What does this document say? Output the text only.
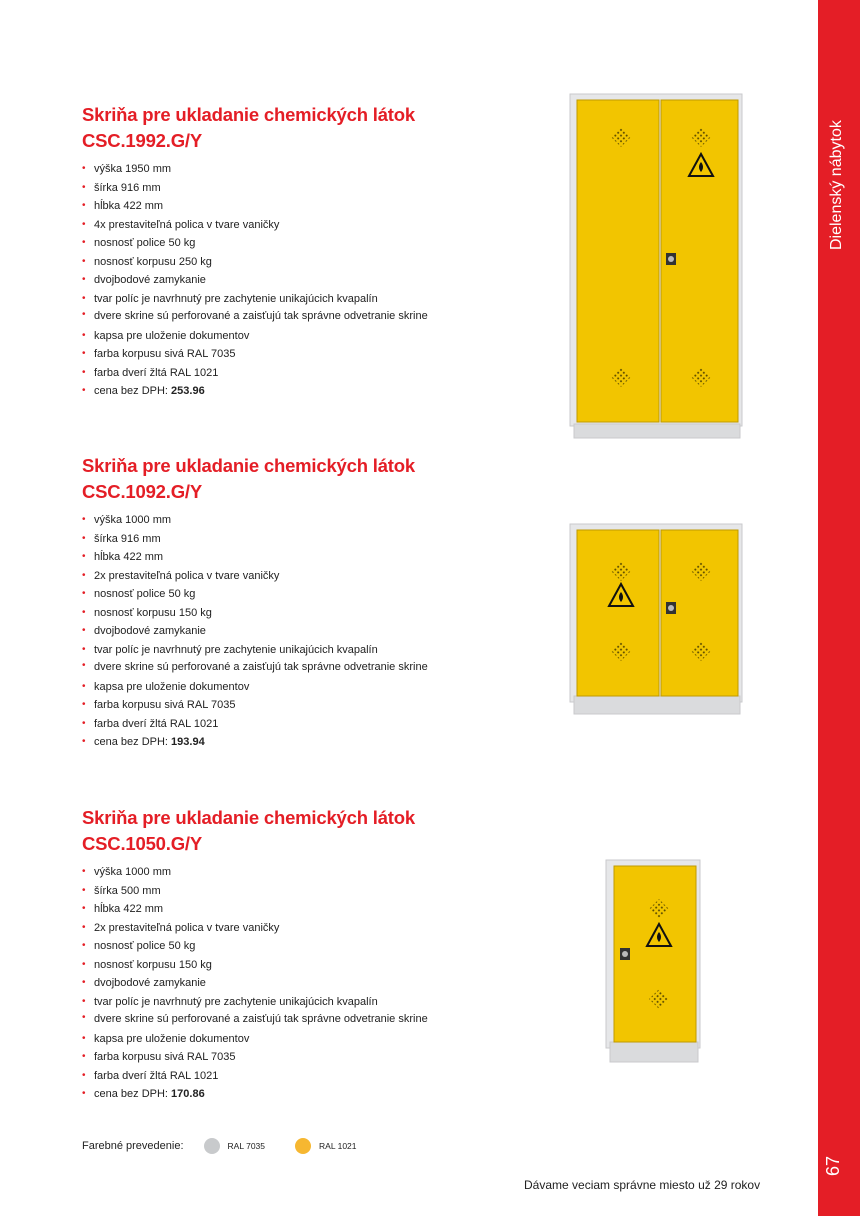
Dielenský nábytok
67
Skriňa pre ukladanie chemických látok
CSC.1992.G/Y
• výška 1950 mm
• šírka 916 mm
• hĺbka 422 mm
• 4x prestaviteľná polica v tvare vaničky
• nosnosť police 50 kg
• nosnosť korpusu 250 kg
• dvojbodové zamykanie
• tvar políc je navrhnutý pre zachytenie unikajúcich kvapalín
• dvere skrine sú perforované a zaisťujú tak správne odvetranie skrine
• kapsa pre uloženie dokumentov
• farba korpusu sivá RAL 7035
• farba dverí žltá RAL 1021
• cena bez DPH: 253.96
Skriňa pre ukladanie chemických látok
CSC.1092.G/Y
• výška 1000 mm
• šírka 916 mm
• hĺbka 422 mm
• 2x prestaviteľná polica v tvare vaničky
• nosnosť police 50 kg
• nosnosť korpusu 150 kg
• dvojbodové zamykanie
• tvar políc je navrhnutý pre zachytenie unikajúcich kvapalín
• dvere skrine sú perforované a zaisťujú tak správne odvetranie skrine
• kapsa pre uloženie dokumentov
• farba korpusu sivá RAL 7035
• farba dverí žltá RAL 1021
• cena bez DPH: 193.94
Skriňa pre ukladanie chemických látok
CSC.1050.G/Y
• výška 1000 mm
• šírka 500 mm
• hĺbka 422 mm
• 2x prestaviteľná polica v tvare vaničky
• nosnosť police 50 kg
• nosnosť korpusu 150 kg
• dvojbodové zamykanie
• tvar políc je navrhnutý pre zachytenie unikajúcich kvapalín
• dvere skrine sú perforované a zaisťujú tak správne odvetranie skrine
• kapsa pre uloženie dokumentov
• farba korpusu sivá RAL 7035
• farba dverí žltá RAL 1021
• cena bez DPH: 170.86
Farebné prevedenie:	RAL 7035	RAL 1021
Dávame veciam správne miesto už 29 rokov
